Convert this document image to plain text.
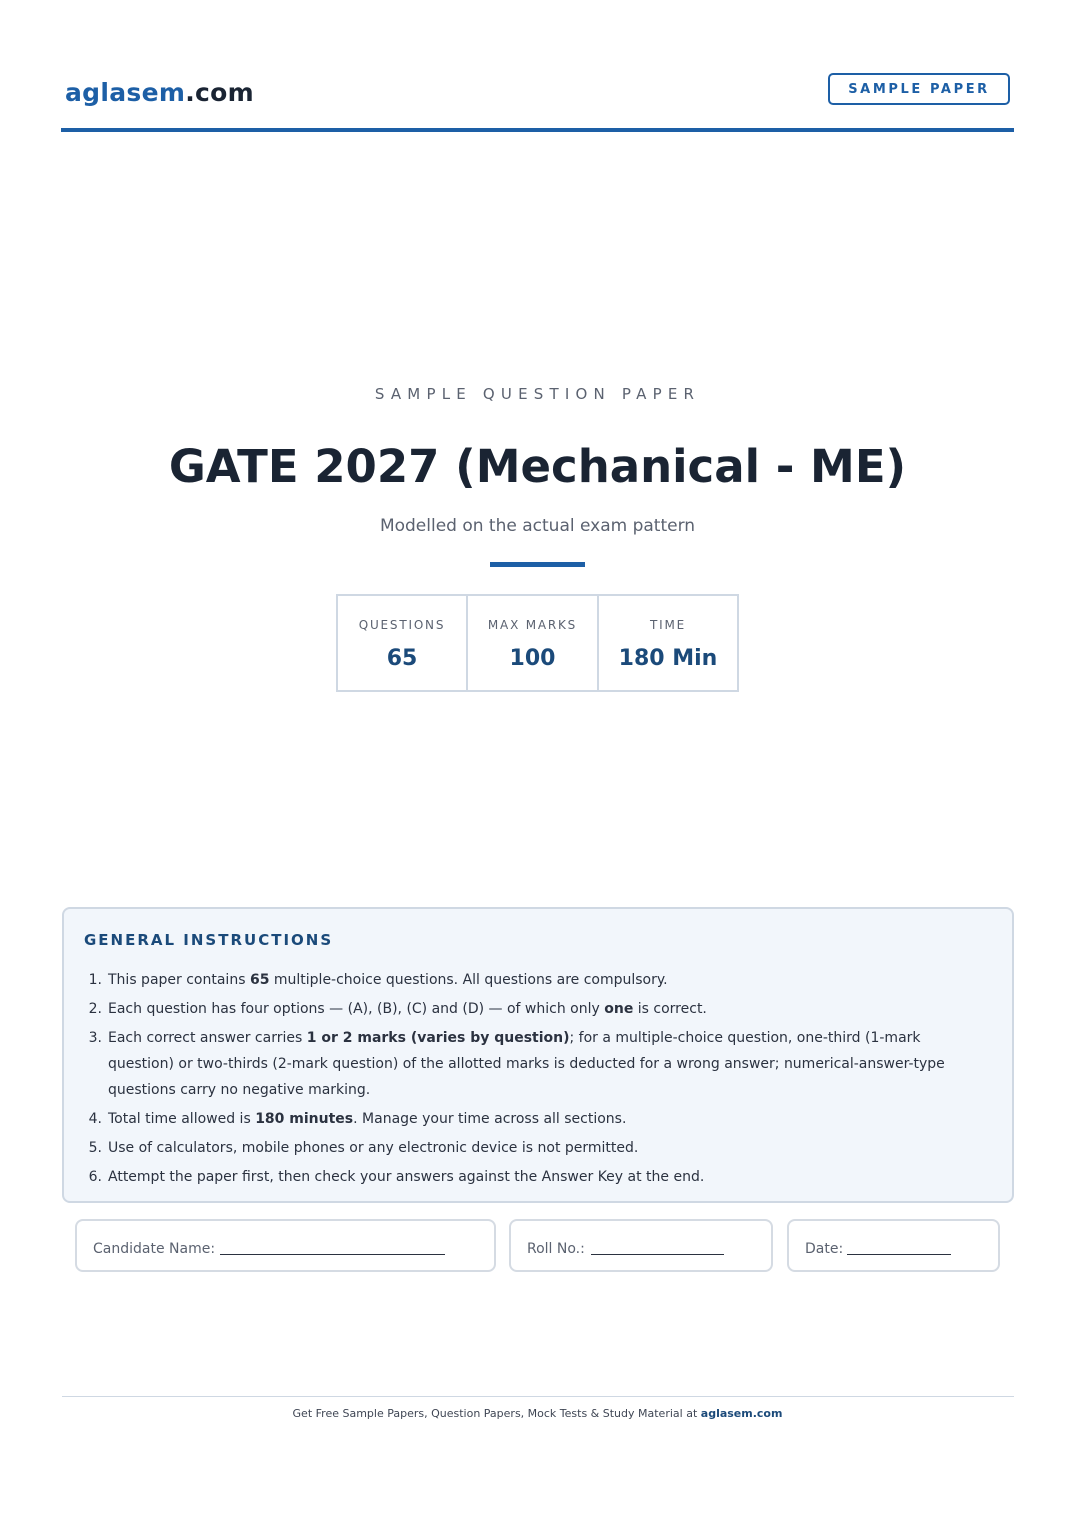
aglasem.com	SAMPLE PAPER
SAMPLE QUESTION PAPER
GATE 2027 (Mechanical - ME)
Modelled on the actual exam pattern
QUESTIONS
65
MAX MARKS
100
TIME
180 Min
GENERAL INSTRUCTIONS
1. This paper contains 65 multiple-choice questions. All questions are compulsory.
2. Each question has four options — (A), (B), (C) and (D) — of which only one is correct.
3. Each correct answer carries 1 or 2 marks (varies by question); for a multiple-choice question, one-third (1-mark question) or two-thirds (2-mark question) of the allotted marks is deducted for a wrong answer; numerical-answer-type questions carry no negative marking.
4. Total time allowed is 180 minutes. Manage your time across all sections.
5. Use of calculators, mobile phones or any electronic device is not permitted.
6. Attempt the paper first, then check your answers against the Answer Key at the end.
Candidate Name:	Roll No.:	Date:
Get Free Sample Papers, Question Papers, Mock Tests & Study Material at aglasem.com
